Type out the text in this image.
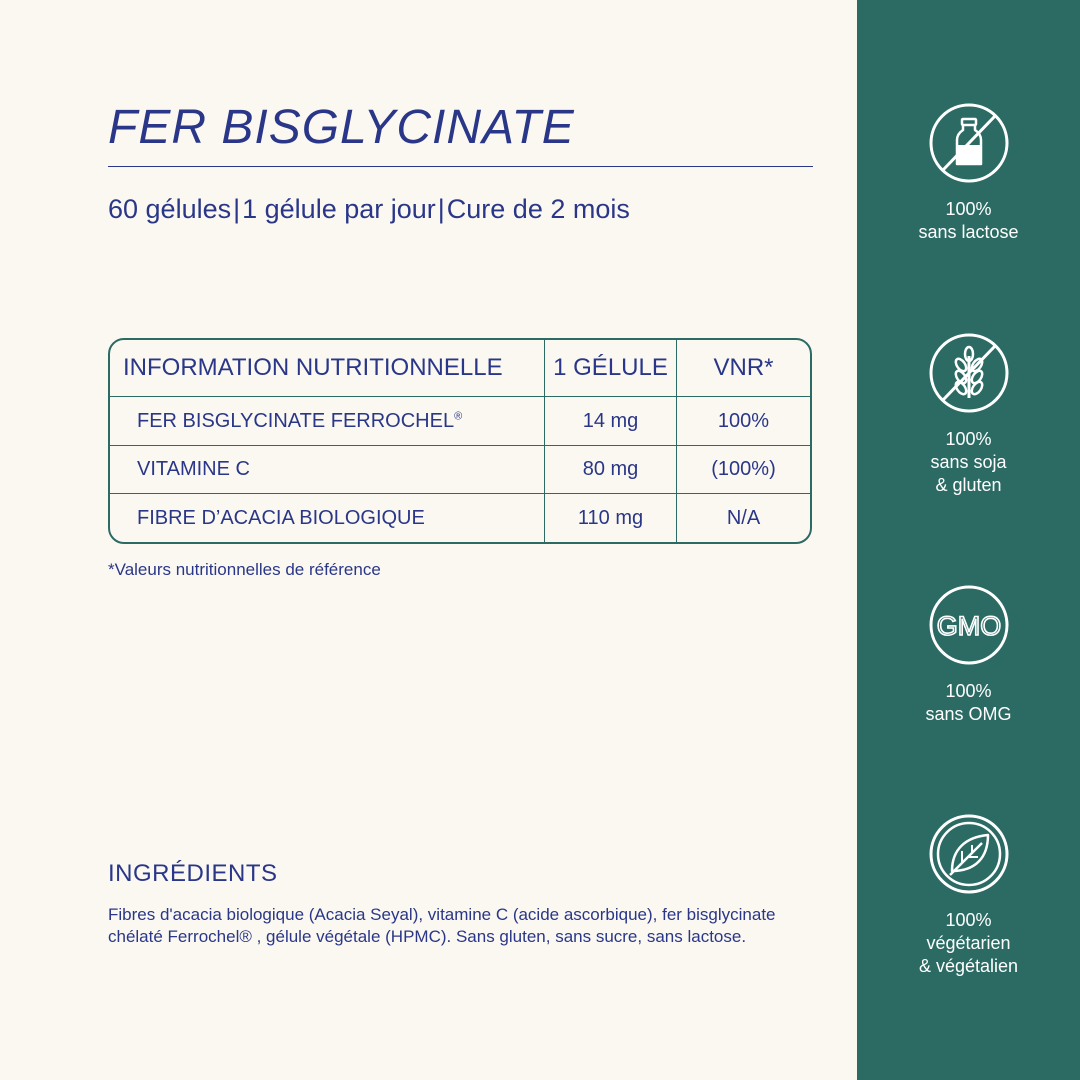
FER BISGLYCINATE
60 gélules|1 gélule par jour|Cure de 2 mois
INFORMATION NUTRITIONNELLE	1 GÉLULE	VNR*
FER BISGLYCINATE FERROCHEL®	14 mg	100%
VITAMINE C	80 mg	(100%)
FIBRE D’ACACIA BIOLOGIQUE	110 mg	N/A
*Valeurs nutritionnelles de référence
INGRÉDIENTS

Fibres d'acacia biologique (Acacia Seyal), vitamine C (acide ascorbique), fer bisglycinate chélaté Ferrochel® , gélule végétale (HPMC). Sans gluten, sans sucre, sans lactose.

100%
sans lactose
100%
sans soja
& gluten
GMO
100%
sans OMG
100%
végétarien
& végétalien
